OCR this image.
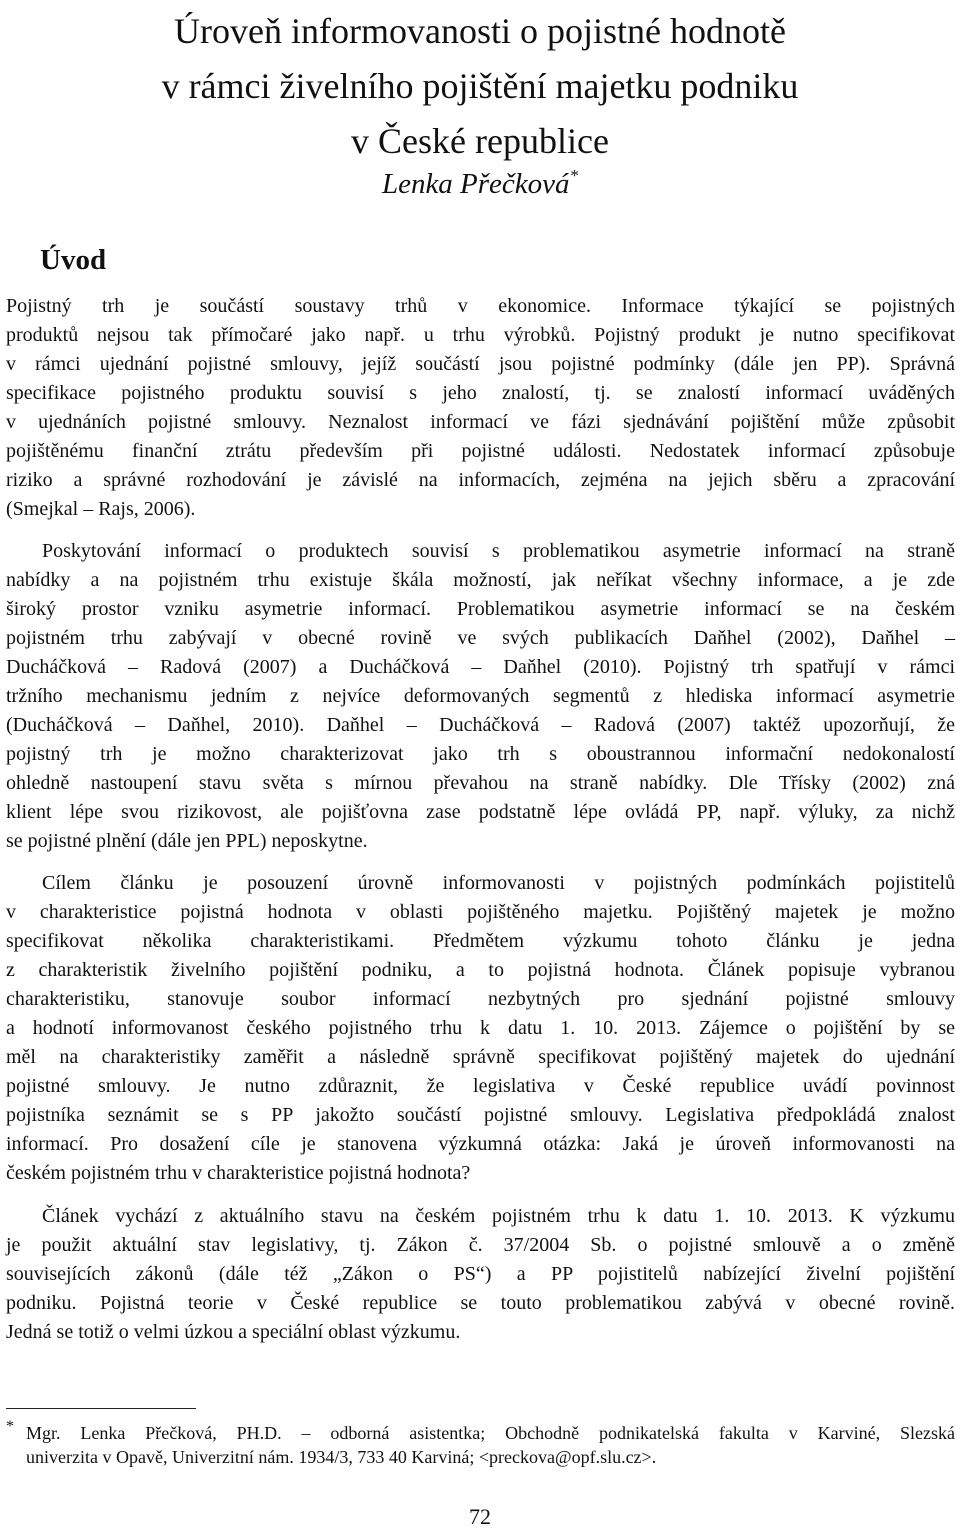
Úroveň informovanosti o pojistné hodnotě
v rámci živelního pojištění majetku podniku
v České republice
Lenka Přečková*
Úvod
Pojistný trh je součástí soustavy trhů v ekonomice. Informace týkající se pojistných
produktů nejsou tak přímočaré jako např. u trhu výrobků. Pojistný produkt je nutno specifikovat
v rámci ujednání pojistné smlouvy, jejíž součástí jsou pojistné podmínky (dále jen PP). Správná
specifikace pojistného produktu souvisí s jeho znalostí, tj. se znalostí informací uváděných
v ujednáních pojistné smlouvy. Neznalost informací ve fázi sjednávání pojištění může způsobit
pojištěnému finanční ztrátu především při pojistné události. Nedostatek informací způsobuje
riziko a správné rozhodování je závislé na informacích, zejména na jejich sběru a zpracování
(Smejkal – Rajs, 2006).
Poskytování informací o produktech souvisí s problematikou asymetrie informací na straně
nabídky a na pojistném trhu existuje škála možností, jak neříkat všechny informace, a je zde
široký prostor vzniku asymetrie informací. Problematikou asymetrie informací se na českém
pojistném trhu zabývají v obecné rovině ve svých publikacích Daňhel (2002), Daňhel –
Ducháčková – Radová (2007) a Ducháčková – Daňhel (2010). Pojistný trh spatřují v rámci
tržního mechanismu jedním z nejvíce deformovaných segmentů z hlediska informací asymetrie
(Ducháčková – Daňhel, 2010). Daňhel – Ducháčková – Radová (2007) taktéž upozorňují, že
pojistný trh je možno charakterizovat jako trh s oboustrannou informační nedokonalostí
ohledně nastoupení stavu světa s mírnou převahou na straně nabídky. Dle Třísky (2002) zná
klient lépe svou rizikovost, ale pojišťovna zase podstatně lépe ovládá PP, např. výluky, za nichž
se pojistné plnění (dále jen PPL) neposkytne.
Cílem článku je posouzení úrovně informovanosti v pojistných podmínkách pojistitelů
v charakteristice pojistná hodnota v oblasti pojištěného majetku. Pojištěný majetek je možno
specifikovat několika charakteristikami. Předmětem výzkumu tohoto článku je jedna
z charakteristik živelního pojištění podniku, a to pojistná hodnota. Článek popisuje vybranou
charakteristiku, stanovuje soubor informací nezbytných pro sjednání pojistné smlouvy
a hodnotí informovanost českého pojistného trhu k datu 1. 10. 2013. Zájemce o pojištění by se
měl na charakteristiky zaměřit a následně správně specifikovat pojištěný majetek do ujednání
pojistné smlouvy. Je nutno zdůraznit, že legislativa v České republice uvádí povinnost
pojistníka seznámit se s PP jakožto součástí pojistné smlouvy. Legislativa předpokládá znalost
informací. Pro dosažení cíle je stanovena výzkumná otázka: Jaká je úroveň informovanosti na
českém pojistném trhu v charakteristice pojistná hodnota?
Článek vychází z aktuálního stavu na českém pojistném trhu k datu 1. 10. 2013. K výzkumu
je použit aktuální stav legislativy, tj. Zákon č. 37/2004 Sb. o pojistné smlouvě a o změně
souvisejících zákonů (dále též „Zákon o PS“) a PP pojistitelů nabízející živelní pojištění
podniku. Pojistná teorie v České republice se touto problematikou zabývá v obecné rovině.
Jedná se totiž o velmi úzkou a speciální oblast výzkumu.
* Mgr. Lenka Přečková, PH.D. – odborná asistentka; Obchodně podnikatelská fakulta v Karviné, Slezská
univerzita v Opavě, Univerzitní nám. 1934/3, 733 40 Karviná; <preckova@opf.slu.cz>.
72
